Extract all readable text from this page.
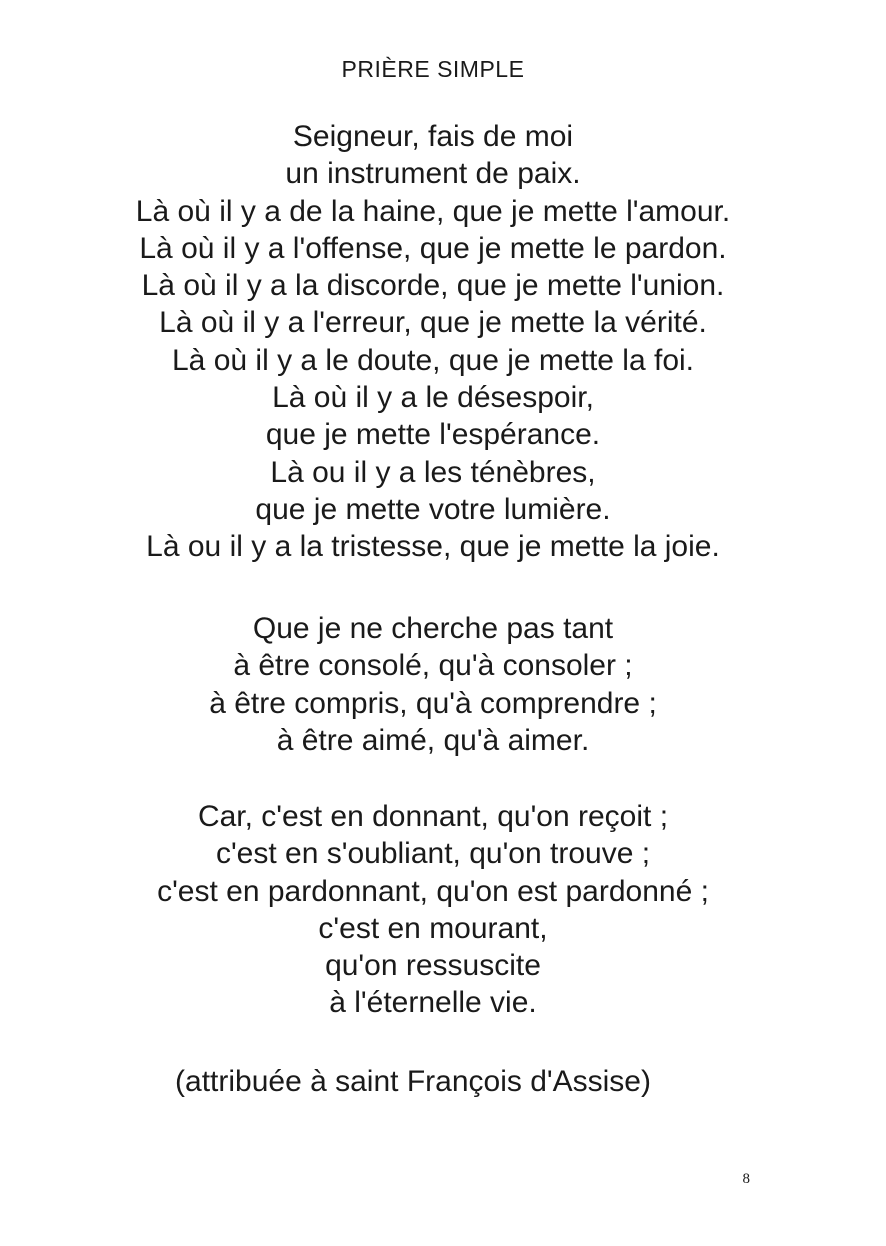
PRIÈRE SIMPLE
Seigneur, fais de moi
un instrument de paix.
Là où il y a de la haine, que je mette l'amour.
Là où il y a l'offense, que je mette le pardon.
Là où il y a la discorde, que je mette l'union.
Là où il y a l'erreur, que je mette la vérité.
Là où il y a le doute, que je mette la foi.
Là où il y a le désespoir,
que je mette l'espérance.
Là ou il y a les ténèbres,
que je mette votre lumière.
Là ou il y a la tristesse, que je mette la joie.
Que je ne cherche pas tant
à être consolé, qu'à consoler ;
à être compris, qu'à comprendre ;
à être aimé, qu'à aimer.
Car, c'est en donnant, qu'on reçoit ;
c'est en s'oubliant, qu'on trouve ;
c'est en pardonnant, qu'on est pardonné ;
c'est en mourant,
qu'on ressuscite
à l'éternelle vie.
(attribuée à saint François d'Assise)
8
